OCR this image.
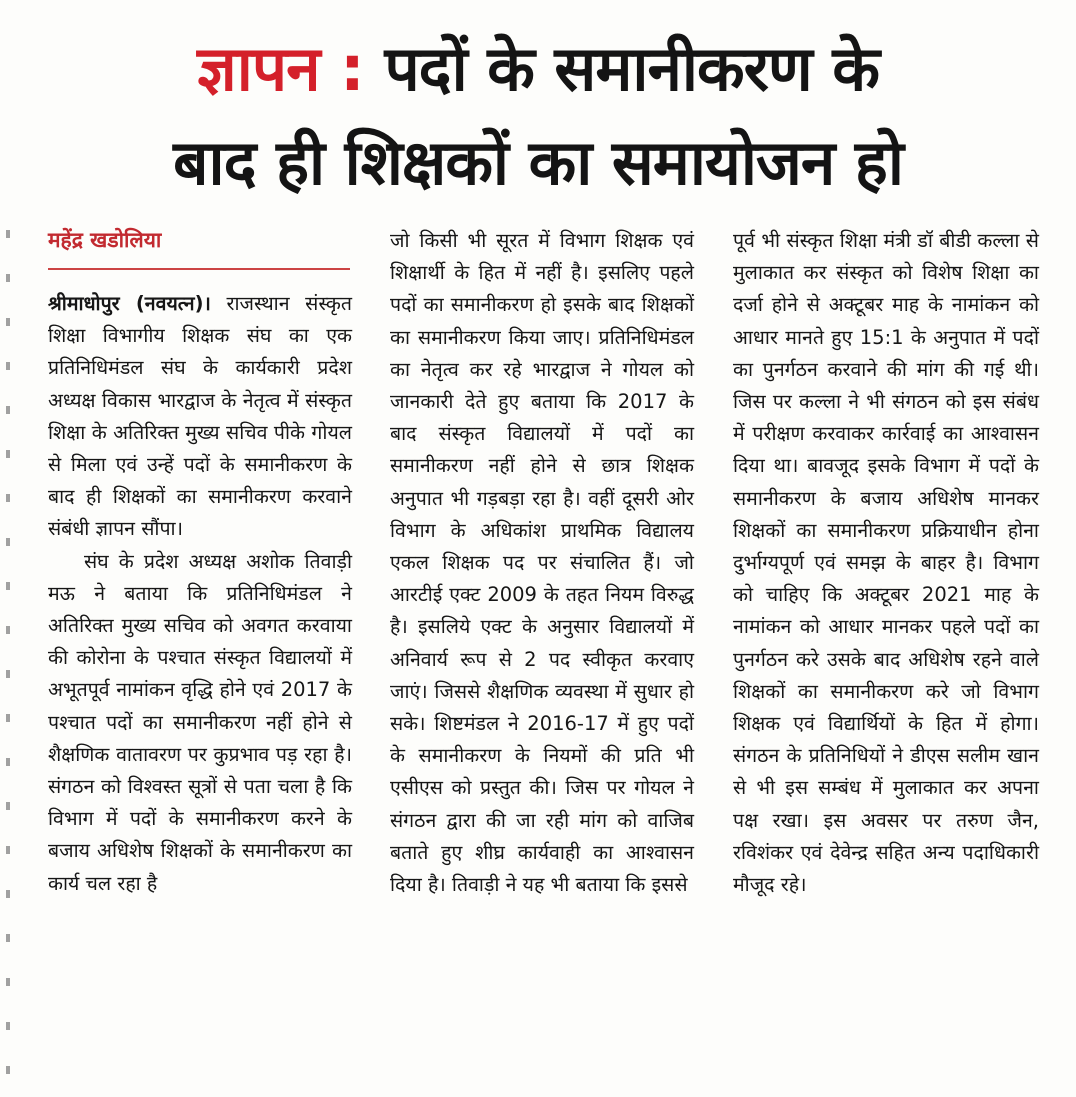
ज्ञापन : पदों के समानीकरण के
बाद ही शिक्षकों का समायोजन हो
महेंद्र खडोलिया

श्रीमाधोपुर (नवयत्न)। राजस्थान संस्कृत शिक्षा विभागीय शिक्षक संघ का एक प्रतिनिधिमंडल संघ के कार्यकारी प्रदेश अध्यक्ष विकास भारद्वाज के नेतृत्व में संस्कृत शिक्षा के अतिरिक्त मुख्य सचिव पीके गोयल से मिला एवं उन्हें पदों के समानीकरण के बाद ही शिक्षकों का समानीकरण करवाने संबंधी ज्ञापन सौंपा।

संघ के प्रदेश अध्यक्ष अशोक तिवाड़ी मऊ ने बताया कि प्रतिनिधिमंडल ने अतिरिक्त मुख्य सचिव को अवगत करवाया की कोरोना के पश्चात संस्कृत विद्यालयों में अभूतपूर्व नामांकन वृद्धि होने एवं 2017 के पश्चात पदों का समानीकरण नहीं होने से शैक्षणिक वातावरण पर कुप्रभाव पड़ रहा है। संगठन को विश्वस्त सूत्रों से पता चला है कि विभाग में पदों के समानीकरण करने के बजाय अधिशेष शिक्षकों के समानीकरण का कार्य चल रहा है

जो किसी भी सूरत में विभाग शिक्षक एवं शिक्षार्थी के हित में नहीं है। इसलिए पहले पदों का समानीकरण हो इसके बाद शिक्षकों का समानीकरण किया जाए। प्रतिनिधिमंडल का नेतृत्व कर रहे भारद्वाज ने गोयल को जानकारी देते हुए बताया कि 2017 के बाद संस्कृत विद्यालयों में पदों का समानीकरण नहीं होने से छात्र शिक्षक अनुपात भी गड़बड़ा रहा है। वहीं दूसरी ओर विभाग के अधिकांश प्राथमिक विद्यालय एकल शिक्षक पद पर संचालित हैं। जो आरटीई एक्ट 2009 के तहत नियम विरुद्ध है। इसलिये एक्ट के अनुसार विद्यालयों में अनिवार्य रूप से 2 पद स्वीकृत करवाए जाएं। जिससे शैक्षणिक व्यवस्था में सुधार हो सके। शिष्टमंडल ने 2016-17 में हुए पदों के समानीकरण के नियमों की प्रति भी एसीएस को प्रस्तुत की। जिस पर गोयल ने संगठन द्वारा की जा रही मांग को वाजिब बताते हुए शीघ्र कार्यवाही का आश्वासन दिया है। तिवाड़ी ने यह भी बताया कि इससे

पूर्व भी संस्कृत शिक्षा मंत्री डॉ बीडी कल्ला से मुलाकात कर संस्कृत को विशेष शिक्षा का दर्जा होने से अक्टूबर माह के नामांकन को आधार मानते हुए 15:1 के अनुपात में पदों का पुनर्गठन करवाने की मांग की गई थी। जिस पर कल्ला ने भी संगठन को इस संबंध में परीक्षण करवाकर कार्रवाई का आश्वासन दिया था। बावजूद इसके विभाग में पदों के समानीकरण के बजाय अधिशेष मानकर शिक्षकों का समानीकरण प्रक्रियाधीन होना दुर्भाग्यपूर्ण एवं समझ के बाहर है। विभाग को चाहिए कि अक्टूबर 2021 माह के नामांकन को आधार मानकर पहले पदों का पुनर्गठन करे उसके बाद अधिशेष रहने वाले शिक्षकों का समानीकरण करे जो विभाग शिक्षक एवं विद्यार्थियों के हित में होगा। संगठन के प्रतिनिधियों ने डीएस सलीम खान से भी इस सम्बंध में मुलाकात कर अपना पक्ष रखा। इस अवसर पर तरुण जैन, रविशंकर एवं देवेन्द्र सहित अन्य पदाधिकारी मौजूद रहे।
